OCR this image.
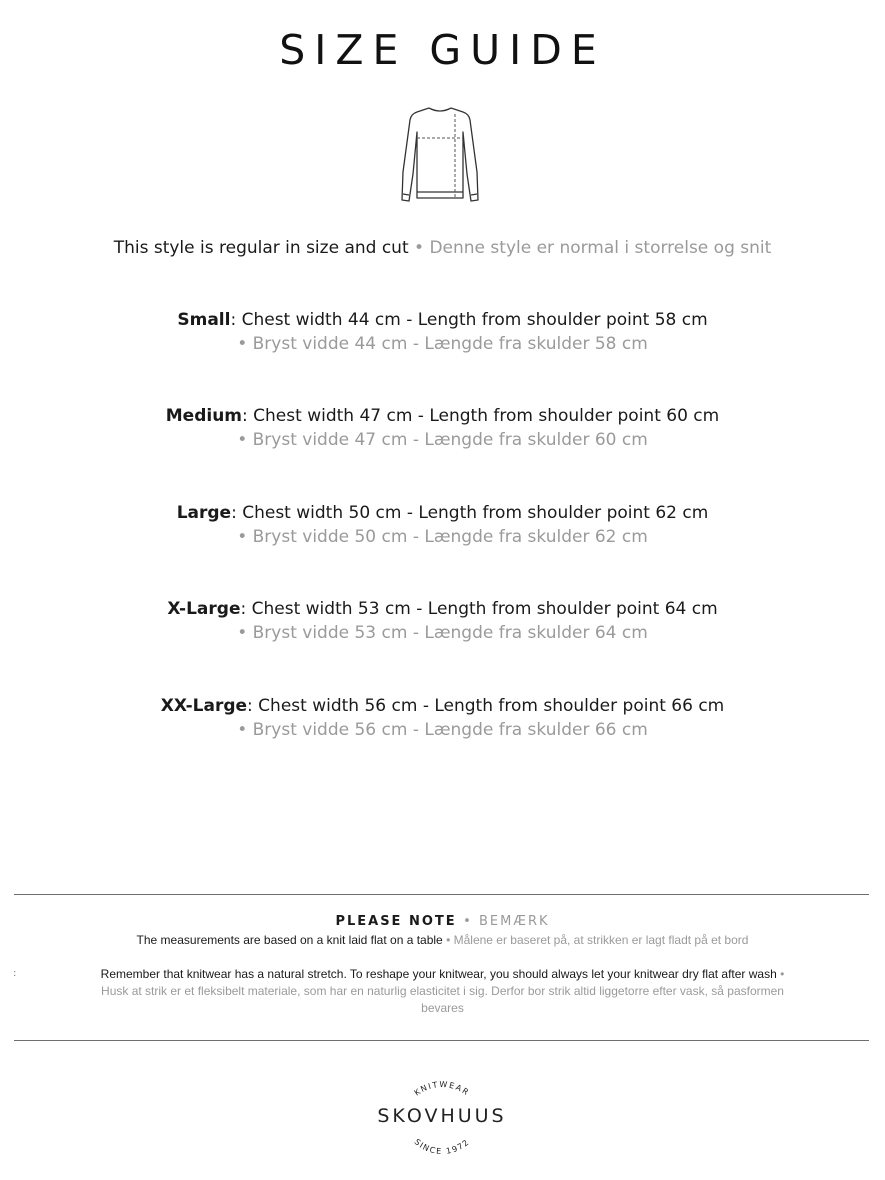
SIZE GUIDE
This style is regular in size and cut • Denne style er normal i storrelse og snit
Small: Chest width 44 cm - Length from shoulder point 58 cm
• Bryst vidde 44 cm - Længde fra skulder 58 cm
Medium: Chest width 47 cm - Length from shoulder point 60 cm
• Bryst vidde 47 cm - Længde fra skulder 60 cm
Large: Chest width 50 cm - Length from shoulder point 62 cm
• Bryst vidde 50 cm - Længde fra skulder 62 cm
X-Large: Chest width 53 cm - Length from shoulder point 64 cm
• Bryst vidde 53 cm - Længde fra skulder 64 cm
XX-Large: Chest width 56 cm - Length from shoulder point 66 cm
• Bryst vidde 56 cm - Længde fra skulder 66 cm
PLEASE NOTE • BEMÆRK
The measurements are based on a knit laid flat on a table • Målene er baseret på, at strikken er lagt fladt på et bord
:	Remember that knitwear has a natural stretch. To reshape your knitwear, you should always let your knitwear dry flat after wash • Husk at strik er et fleksibelt materiale, som har en naturlig elasticitet i sig. Derfor bor strik altid liggetorre efter vask, så pasformen bevares
KNITWEAR
SKOVHUUS
SINCE 1972
